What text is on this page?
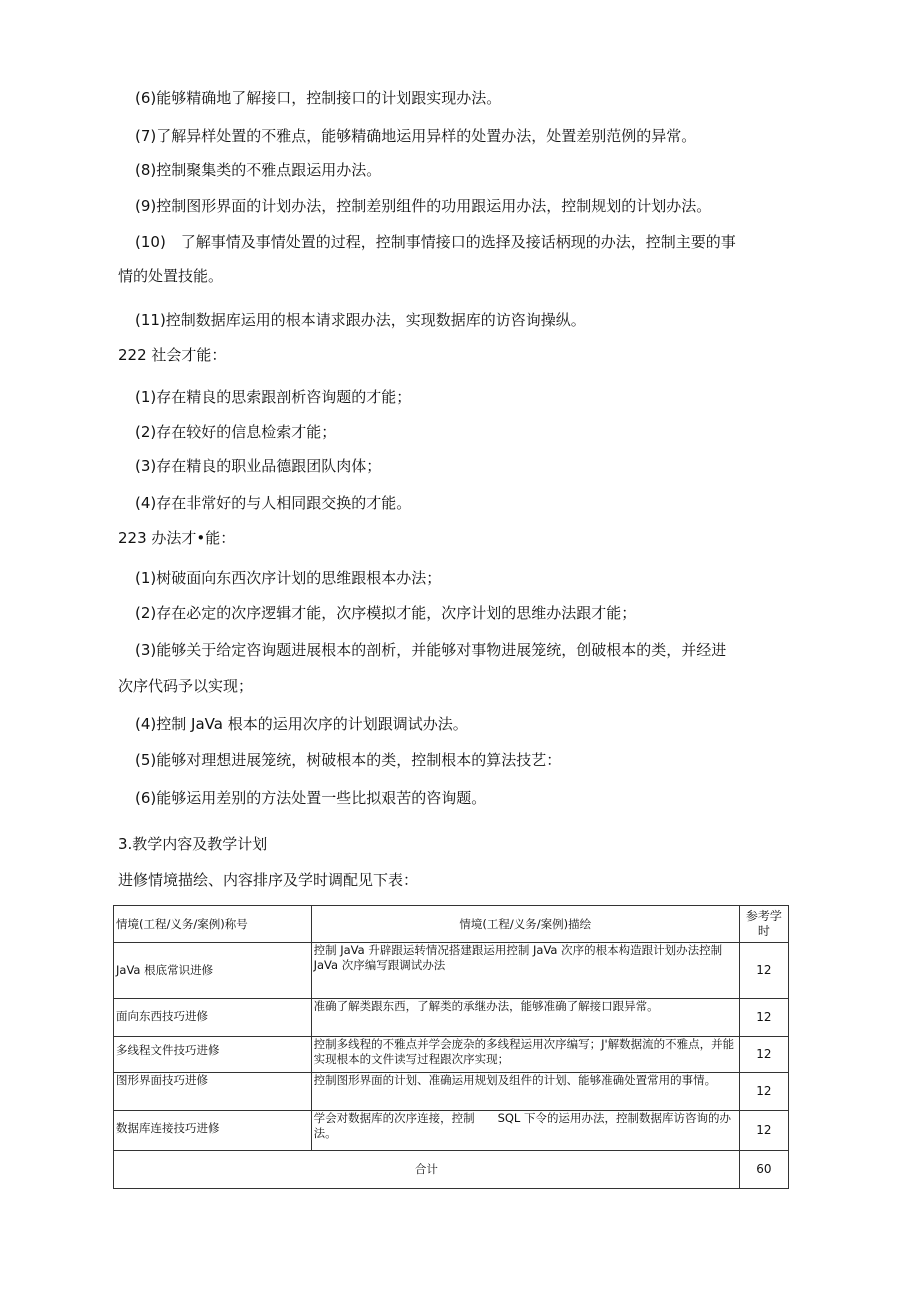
(6)能够精确地了解接口，控制接口的计划跟实现办法。
(7)了解异样处置的不雅点，能够精确地运用异样的处置办法，处置差别范例的异常。
(8)控制聚集类的不雅点跟运用办法。
(9)控制图形界面的计划办法，控制差别组件的功用跟运用办法，控制规划的计划办法。
(10)　了解事情及事情处置的过程，控制事情接口的选择及接话柄现的办法，控制主要的事
情的处置技能。
(11)控制数据库运用的根本请求跟办法，实现数据库的访咨询操纵。
222 社会才能：
(1)存在精良的思索跟剖析咨询题的才能；
(2)存在较好的信息检索才能；
(3)存在精良的职业品德跟团队肉体；
(4)存在非常好的与人相同跟交换的才能。
223 办法才•能：
(1)树破面向东西次序计划的思维跟根本办法；
(2)存在必定的次序逻辑才能，次序模拟才能，次序计划的思维办法跟才能；
(3)能够关于给定咨询题进展根本的剖析，并能够对事物进展笼统，创破根本的类，并经进
次序代码予以实现；
(4)控制 JaVa 根本的运用次序的计划跟调试办法。
(5)能够对理想进展笼统，树破根本的类，控制根本的算法技艺：
(6)能够运用差别的方法处置一些比拟艰苦的咨询题。
3.教学内容及教学计划
进修情境描绘、内容排序及学时调配见下表：
情境(工程/义务/案例)称号	情境(工程/义务/案例)描绘	参考学时

JaVa 根底常识进修	控制 JaVa 升辟跟运转情况搭建跟运用控制 JaVa 次序的根本构造跟计划办法控制 JaVa 次序编写跟调试办法	12

面向东西技巧进修	准确了解类跟东西，了解类的承继办法，能够准确了解接口跟异常。	12

多线程文件技巧进修	控制多线程的不雅点并学会庞杂的多线程运用次序编写；J'解数据流的不雅点，并能实现根本的文件读写过程跟次序实现；	12

图形界面技巧进修	控制图形界面的计划、准确运用规划及组件的计划、能够准确处置常用的事情。	12

数据库连接技巧进修	学会对数据库的次序连接，控制　　SQL 下令的运用办法，控制数据库访咨询的办法。	12
合计		60
